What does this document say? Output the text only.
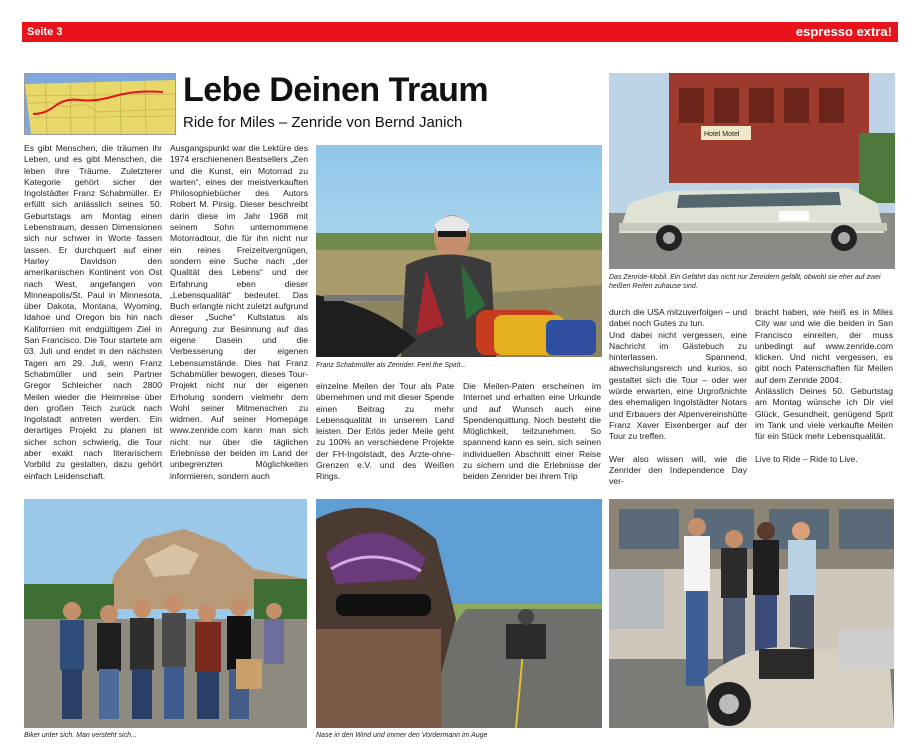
Seite 3	espresso extra!
Lebe Deinen Traum
Ride for Miles – Zenride von Bernd Janich

Es gibt Menschen, die träumen ihr Leben, und es gibt Menschen, die leben ihre Träume. Zuletzterer Kategorie gehört sicher der Ingolstädter Franz Schabmüller. Er erfüllt sich anlässlich seines 50. Geburtstags am Montag einen Lebenstraum, dessen Dimensionen sich nur schwer in Worte fassen lassen. Er durchquert auf einer Harley Davidson den amerikanischen Kontinent von Ost nach West, angefangen von Minneapolis/St. Paul in Minnesota, über Dakota, Montana, Wyoming, Idahoe und Oregon bis hin nach Kalifornien mit endgültigem Ziel in San Francisco. Die Tour startete am 03. Juli und endet in den nächsten Tagen am 29. Juli, wenn Franz Schabmüller und sein Partner Gregor Schleicher nach 2800 Meilen wieder die Heimreise über den großen Teich zurück nach Ingolstadt antreten werden. Ein derartiges Projekt zu planen ist sicher schon schwierig, die Tour aber exakt nach literarischem Vorbild zu gestalten, dazu gehört einfach Leidenschaft.

Ausgangspunkt war die Lektüre des 1974 erschienenen Bestsellers „Zen und die Kunst, ein Motorrad zu warten“, eines der meistverkauften Philosophiebücher des Autors Robert M. Pirsig. Dieser beschreibt darin diese im Jahr 1968 mit seinem Sohn unternommene Motorradtour, die für ihn nicht nur ein reines Freizeitvergnügen, sondern eine Suche nach „der Qualität des Lebens“ und der Erfahrung eben dieser „Lebensqualität“ bedeutet. Das Buch erlangte nicht zuletzt aufgrund dieser „Suche“ Kultstatus als Anregung zur Besinnung auf das eigene Dasein und die Verbesserung der eigenen Lebensumstände. Dies hat Franz Schabmüller bewogen, dieses Tour-Projekt nicht nur der eigenen Erholung sondern vielmehr dem Wohl seiner Mitmenschen zu widmen. Auf seiner Homepage www.zenride.com kann man sich nicht nur über die täglichen Erlebnisse der beiden im Land der unbegrenzten Möglichkeiten informieren, sondern auch

einzelne Meilen der Tour als Pate übernehmen und mit dieser Spende einen Beitrag zu mehr Lebensqualität in unserem Land leisten. Der Erlös jeder Meile geht zu 100% an verschiedene Projekte der FH-Ingolstadt, des Ärzte-ohne-Grenzen e.V. und des Weißen Rings.

Die Meilen-Paten erscheinen im Internet und erhalten eine Urkunde und auf Wunsch auch eine Spendenquittung. Noch besteht die Möglichkeit, teilzunehmen. So spannend kann es sein, sich seinen individuellen Abschnitt einer Reise zu sichern und die Erlebnisse der beiden Zenrider bei ihrem Trip

durch die USA mitzuverfolgen – und dabei noch Gutes zu tun.

Und dabei nicht vergessen, eine Nachricht im Gästebuch zu hinterlassen. Spannend, abwechslungsreich und kurios, so gestaltet sich die Tour – oder wer würde erwarten, eine Urgroßnichte des ehemaligen Ingolstädter Notars und Erbauers der Alpenvereinshütte Franz Xaver Eixenberger auf der Tour zu treffen.

Wer also wissen will, wie die Zenrider den Independence Day ver-

bracht haben, wie heiß es in Miles City war und wie die beiden in San Francisco einreiten, der muss unbedingt auf www.zenride.com klicken. Und nicht vergessen, es gibt noch Patenschaften für Meilen auf dem Zenride 2004.

Anlässlich Deines 50. Geburtstag am Montag wünsche ich Dir viel Glück, Gesundheit, genügend Sprit im Tank und viele verkaufte Meilen für ein Stück mehr Lebensqualität.

Live to Ride – Ride to Live.

Franz Schabmüller als Zenrider. Feel the Spirit...
Hotel Motel
Das Zenride-Mobil. Ein Gefährt das nicht nur Zenridern gefällt, obwohl sie eher auf zwei heißen Reifen zuhause sind.
Biker unter sich. Man versteht sich...	Nase in den Wind und immer den Vordermann im Auge
